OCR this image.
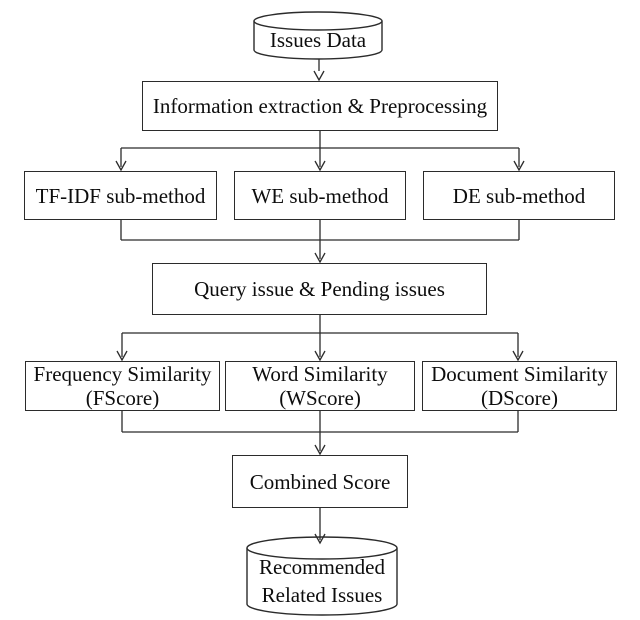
Issues Data
Recommended
Related Issues
Information extraction & Preprocessing
TF-IDF sub-method WE sub-method	DE sub-method
Query issue & Pending issues
Frequency Similarity
(FScore)
Word Similarity
(WScore)
Document Similarity
(DScore)
Combined Score
